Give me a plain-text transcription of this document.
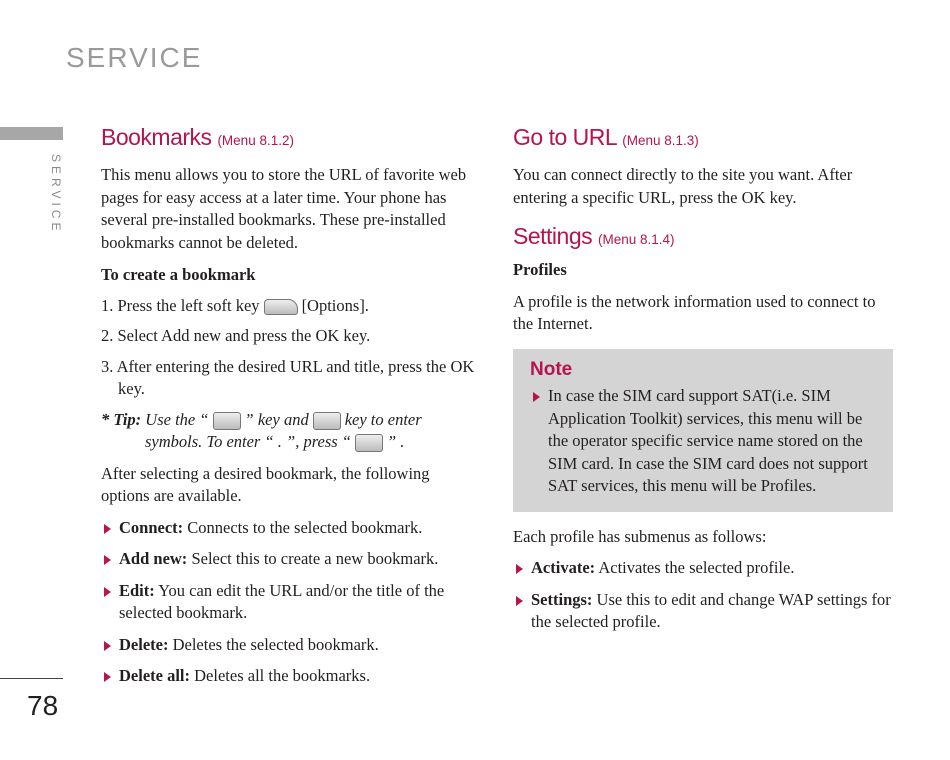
SERVICE
SERVICE
78
Bookmarks (Menu 8.1.2)

This menu allows you to store the URL of favorite web pages for easy access at a later time. Your phone has several pre-installed bookmarks. These pre-installed bookmarks cannot be deleted.

To create a bookmark

1. Press the left soft key	[Options].

2. Select Add new and press the OK key.

3. After entering the desired URL and title, press the OK key.

* Tip: Use the “ ” key and key to enter symbols. To enter “ . ”, press “ ” .

After selecting a desired bookmark, the following options are available.

Connect: Connects to the selected bookmark.
Add new: Select this to create a new bookmark.
Edit: You can edit the URL and/or the title of the selected bookmark.
Delete: Deletes the selected bookmark.
Delete all: Deletes all the bookmarks.
Go to URL (Menu 8.1.3)

You can connect directly to the site you want. After entering a specific URL, press the OK key.

Settings (Menu 8.1.4)

Profiles

A profile is the network information used to connect to the Internet.

Note
In case the SIM card support SAT(i.e. SIM Application Toolkit) services, this menu will be the operator specific service name stored on the SIM card. In case the SIM card does not support SAT services, this menu will be Profiles.

Each profile has submenus as follows:

Activate: Activates the selected profile.
Settings: Use this to edit and change WAP settings for the selected profile.
